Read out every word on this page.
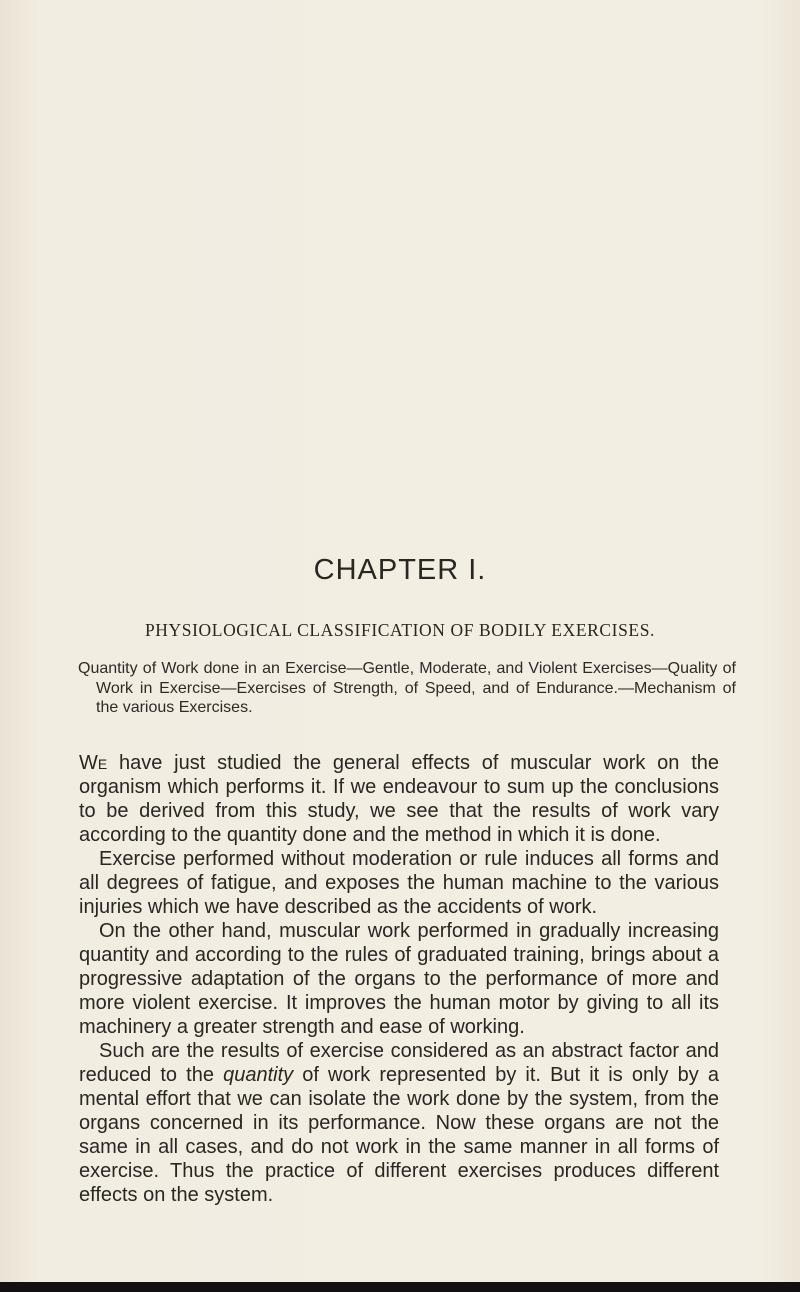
CHAPTER I.
PHYSIOLOGICAL CLASSIFICATION OF BODILY EXERCISES.
Quantity of Work done in an Exercise—Gentle, Moderate, and Violent Exercises—Quality of Work in Exercise—Exercises of Strength, of Speed, and of Endurance.—Mechanism of the various Exercises.

We have just studied the general effects of muscular work on the organism which performs it. If we endeavour to sum up the conclusions to be derived from this study, we see that the results of work vary according to the quantity done and the method in which it is done.

Exercise performed without moderation or rule induces all forms and all degrees of fatigue, and exposes the human machine to the various injuries which we have described as the accidents of work.

On the other hand, muscular work performed in gradually increasing quantity and according to the rules of graduated training, brings about a progressive adaptation of the organs to the performance of more and more violent exercise. It improves the human motor by giving to all its machinery a greater strength and ease of working.

Such are the results of exercise considered as an abstract factor and reduced to the quantity of work represented by it. But it is only by a mental effort that we can isolate the work done by the system, from the organs concerned in its performance. Now these organs are not the same in all cases, and do not work in the same manner in all forms of exercise. Thus the practice of different exercises produces different effects on the system.
